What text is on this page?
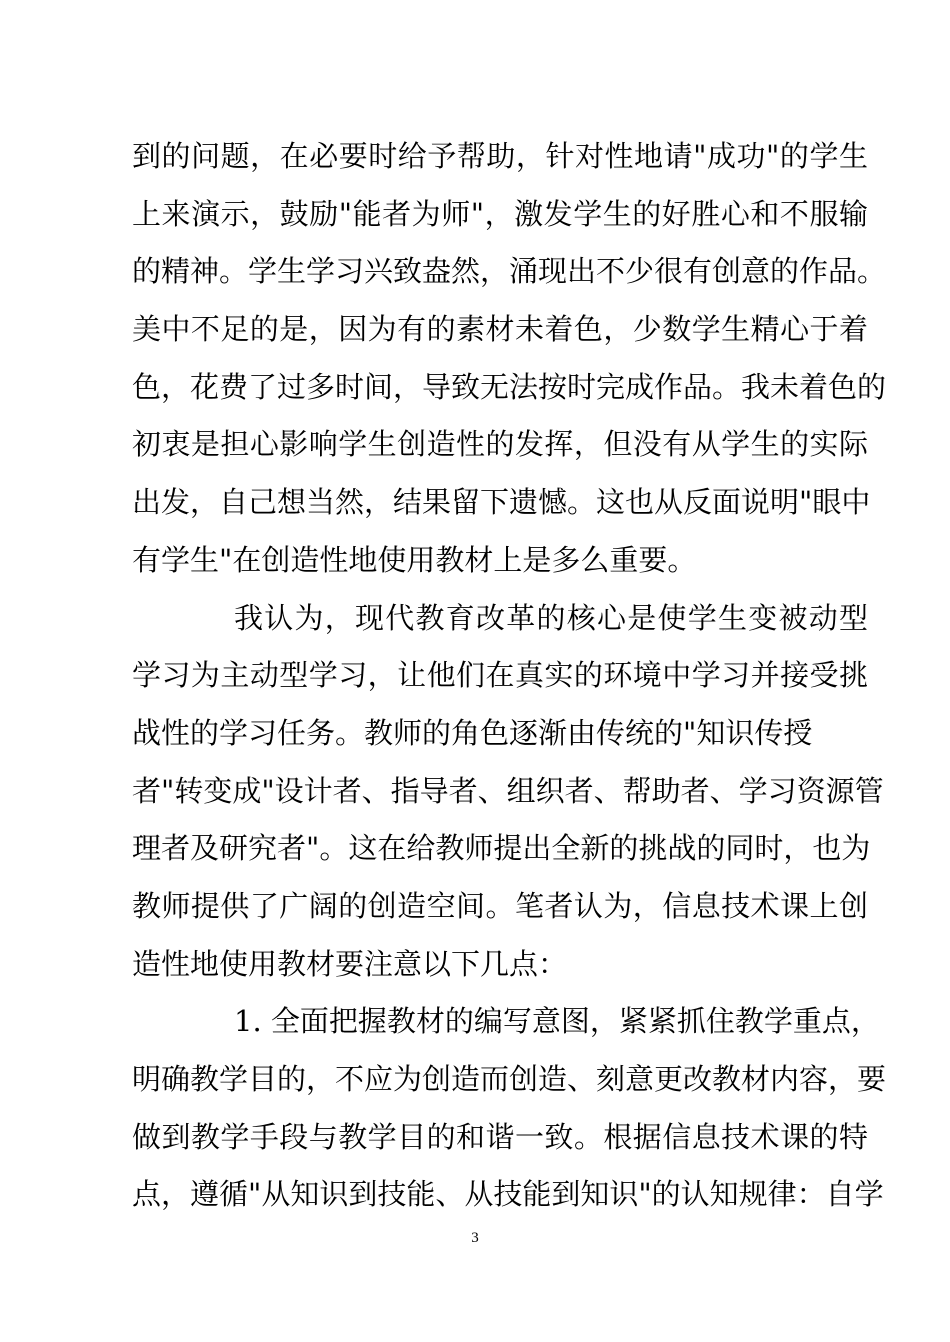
到的问题，在必要时给予帮助，针对性地请"成功"的学生
上来演示，鼓励"能者为师"，激发学生的好胜心和不服输
的精神。学生学习兴致盎然，涌现出不少很有创意的作品。
美中不足的是，因为有的素材未着色，少数学生精心于着
色，花费了过多时间，导致无法按时完成作品。我未着色的
初衷是担心影响学生创造性的发挥，但没有从学生的实际
出发，自己想当然，结果留下遗憾。这也从反面说明"眼中
有学生"在创造性地使用教材上是多么重要。
我认为，现代教育改革的核心是使学生变被动型
学习为主动型学习，让他们在真实的环境中学习并接受挑
战性的学习任务。教师的角色逐渐由传统的"知识传授
者"转变成"设计者、指导者、组织者、帮助者、学习资源管
理者及研究者"。这在给教师提出全新的挑战的同时，也为
教师提供了广阔的创造空间。笔者认为，信息技术课上创
造性地使用教材要注意以下几点：
1. 全面把握教材的编写意图，紧紧抓住教学重点，
明确教学目的，不应为创造而创造、刻意更改教材内容，要
做到教学手段与教学目的和谐一致。根据信息技术课的特
点，遵循"从知识到技能、从技能到知识"的认知规律：自学
3
